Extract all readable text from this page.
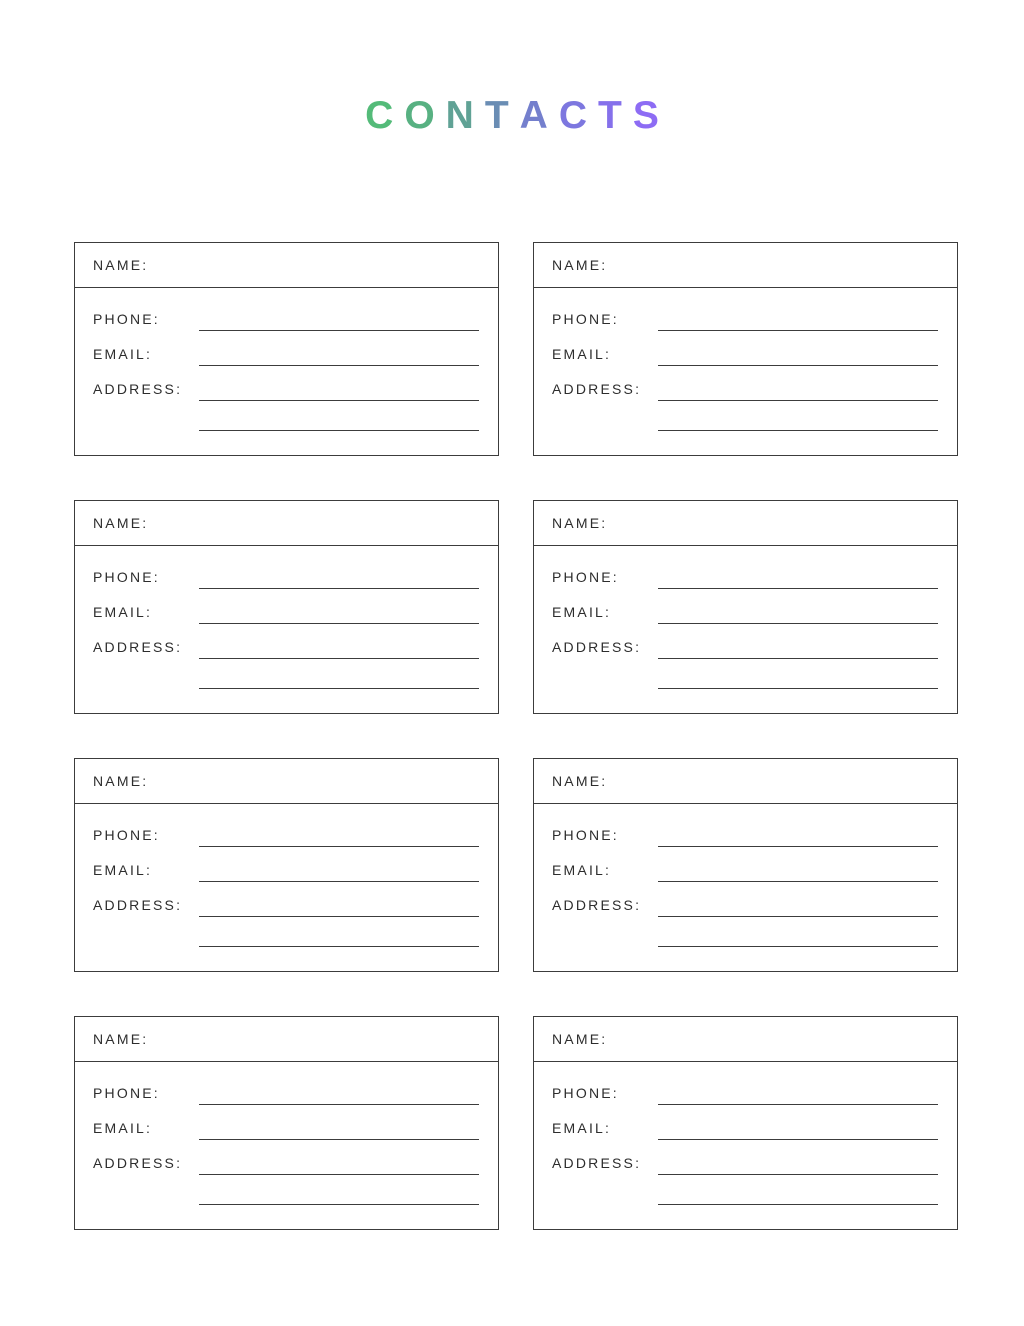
C O N T A C T S
NAME:
PHONE:
EMAIL:
ADDRESS:
NAME:
PHONE:
EMAIL:
ADDRESS:
NAME:
PHONE:
EMAIL:
ADDRESS:
NAME:
PHONE:
EMAIL:
ADDRESS:
NAME:
PHONE:
EMAIL:
ADDRESS:
NAME:
PHONE:
EMAIL:
ADDRESS:
NAME:
PHONE:
EMAIL:
ADDRESS:
NAME:
PHONE:
EMAIL:
ADDRESS:
